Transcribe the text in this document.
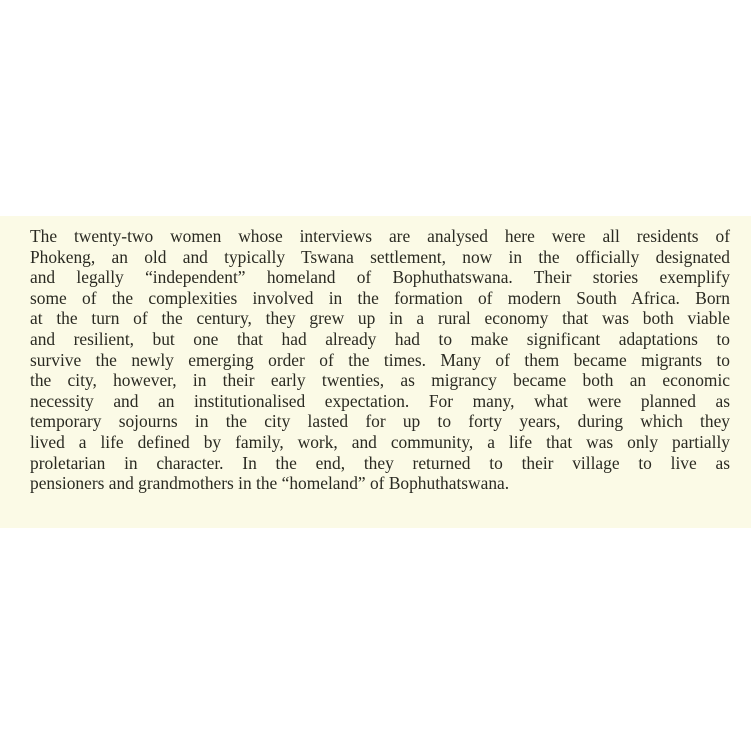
The twenty-two women whose interviews are analysed here were all residents of
Phokeng, an old and typically Tswana settlement, now in the officially designated
and legally “independent” homeland of Bophuthatswana. Their stories exemplify
some of the complexities involved in the formation of modern South Africa. Born
at the turn of the century, they grew up in a rural economy that was both viable
and resilient, but one that had already had to make significant adaptations to
survive the newly emerging order of the times. Many of them became migrants to
the city, however, in their early twenties, as migrancy became both an economic
necessity and an institutionalised expectation. For many, what were planned as
temporary sojourns in the city lasted for up to forty years, during which they
lived a life defined by family, work, and community, a life that was only partially
proletarian in character. In the end, they returned to their village to live as
pensioners and grandmothers in the “homeland” of Bophuthatswana.
